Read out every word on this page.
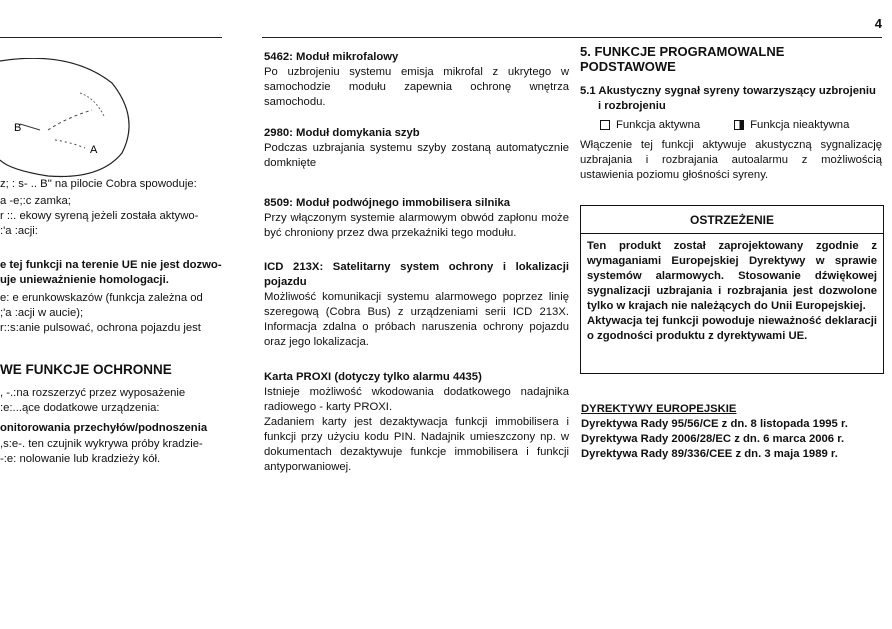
4
B
A
z; : s- .. B" na pilocie Cobra spowoduje:
a -e;:c zamka;
r ::. ekowy syreną jeżeli została aktywo-
:'a :acji:
e tej funkcji na terenie UE nie jest dozwo-
uje unieważnienie homologacji.
e: e erunkowskazów (funkcja zależna od
;'a :acji w aucie);
r::s:anie pulsować, ochrona pojazdu jest
WE FUNKCJE OCHRONNE
, -.:na rozszerzyć przez wyposażenie
:e:...ące dodatkowe urządzenia:
onitorowania przechyłów/podnoszenia
,s:e-. ten czujnik wykrywa próby kradzie-
-:e: nolowanie lub kradzieży kół.
5462: Moduł mikrofalowy

Po uzbrojeniu systemu emisja mikrofal z ukrytego w samochodzie modułu zapewnia ochronę wnętrza samochodu.

2980: Moduł domykania szyb

Podczas uzbrajania systemu szyby zostaną automatycznie domknięte

8509: Moduł podwójnego immobilisera silnika

Przy włączonym systemie alarmowym obwód zapłonu może być chroniony przez dwa przekaźniki tego modułu.

ICD 213X: Satelitarny system ochrony i lokalizacji pojazdu

Możliwość komunikacji systemu alarmowego poprzez linię szeregową (Cobra Bus) z urządzeniami serii ICD 213X. Informacja zdalna o próbach naruszenia ochrony pojazdu oraz jego lokalizacja.

Karta PROXI (dotyczy tylko alarmu 4435)

Istnieje możliwość wkodowania dodatkowego nadajnika radiowego - karty PROXI.

Zadaniem karty jest dezaktywacja funkcji immobilisera i funkcji przy użyciu kodu PIN. Nadajnik umieszczony np. w dokumentach dezaktywuje funkcje immobilisera i funkcji antyporwaniowej.

5. FUNKCJE PROGRAMOWALNE PODSTAWOWE
5.1 Akustyczny sygnał syreny towarzyszący uzbrojeniu i rozbrojeniu
Funkcja aktywna	Funkcja nieaktywna

Włączenie tej funkcji aktywuje akustyczną sygnalizację uzbrajania i rozbrajania autoalarmu z możliwością ustawienia poziomu głośności syreny.

OSTRZEŻENIE

Ten produkt został zaprojektowany zgodnie z wymaganiami Europejskiej Dyrektywy w sprawie systemów alarmowych. Stosowanie dźwiękowej sygnalizacji uzbrajania i rozbrajania jest dozwolone tylko w krajach nie należących do Unii Europejskiej.

Aktywacja tej funkcji powoduje nieważność deklaracji o zgodności produktu z dyrektywami UE.

DYREKTYWY EUROPEJSKIE
Dyrektywa Rady 95/56/CE z dn. 8 listopada 1995 r.
Dyrektywa Rady 2006/28/EC z dn. 6 marca 2006 r.
Dyrektywa Rady 89/336/CEE z dn. 3 maja 1989 r.
